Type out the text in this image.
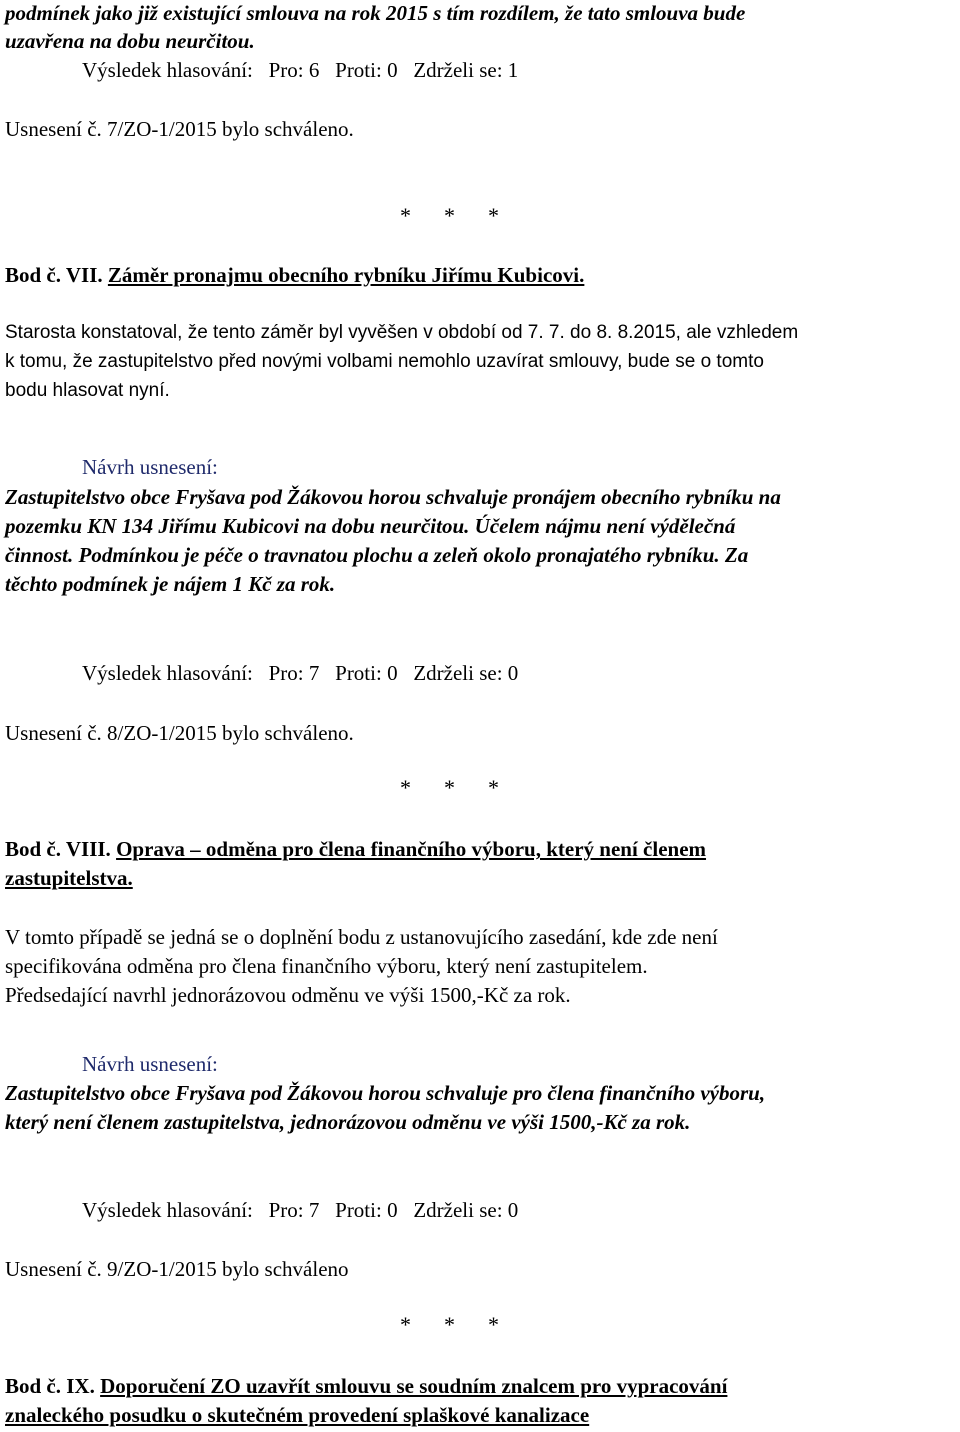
podmínek jako již existující smlouva na rok 2015 s tím rozdílem, že tato smlouva bude
uzavřena na dobu neurčitou.
Výsledek hlasování:   Pro: 6   Proti: 0   Zdrželi se: 1
Usnesení č. 7/ZO-1/2015 bylo schváleno.
*      *      *
Bod č. VII. Záměr pronajmu obecního rybníku Jiřímu Kubicovi.
Starosta konstatoval, že tento záměr byl vyvěšen v období od 7. 7. do 8. 8.2015, ale vzhledem
k tomu, že zastupitelstvo před novými volbami nemohlo uzavírat smlouvy, bude se o tomto
bodu hlasovat nyní.
Návrh usnesení:
Zastupitelstvo obce Fryšava pod Žákovou horou schvaluje pronájem obecního rybníku na
pozemku KN 134 Jiřímu Kubicovi na dobu neurčitou. Účelem nájmu není výdělečná
činnost. Podmínkou je péče o travnatou plochu a zeleň okolo pronajatého rybníku. Za
těchto podmínek je nájem 1 Kč za rok.
Výsledek hlasování:   Pro: 7   Proti: 0   Zdrželi se: 0
Usnesení č. 8/ZO-1/2015 bylo schváleno.
*      *      *
Bod č. VIII. Oprava – odměna pro člena finančního výboru, který není členem
zastupitelstva.
V tomto případě se jedná se o doplnění bodu z ustanovujícího zasedání, kde zde není
specifikována odměna pro člena finančního výboru, který není zastupitelem.
Předsedající navrhl jednorázovou odměnu ve výši 1500,-Kč za rok.
Návrh usnesení:
Zastupitelstvo obce Fryšava pod Žákovou horou schvaluje pro člena finančního výboru,
který není členem zastupitelstva, jednorázovou odměnu ve výši 1500,-Kč za rok.
Výsledek hlasování:   Pro: 7   Proti: 0   Zdrželi se: 0
Usnesení č. 9/ZO-1/2015 bylo schváleno
*      *      *
Bod č. IX. Doporučení ZO uzavřít smlouvu se soudním znalcem pro vypracování
znaleckého posudku o skutečném provedení splaškové kanalizace
